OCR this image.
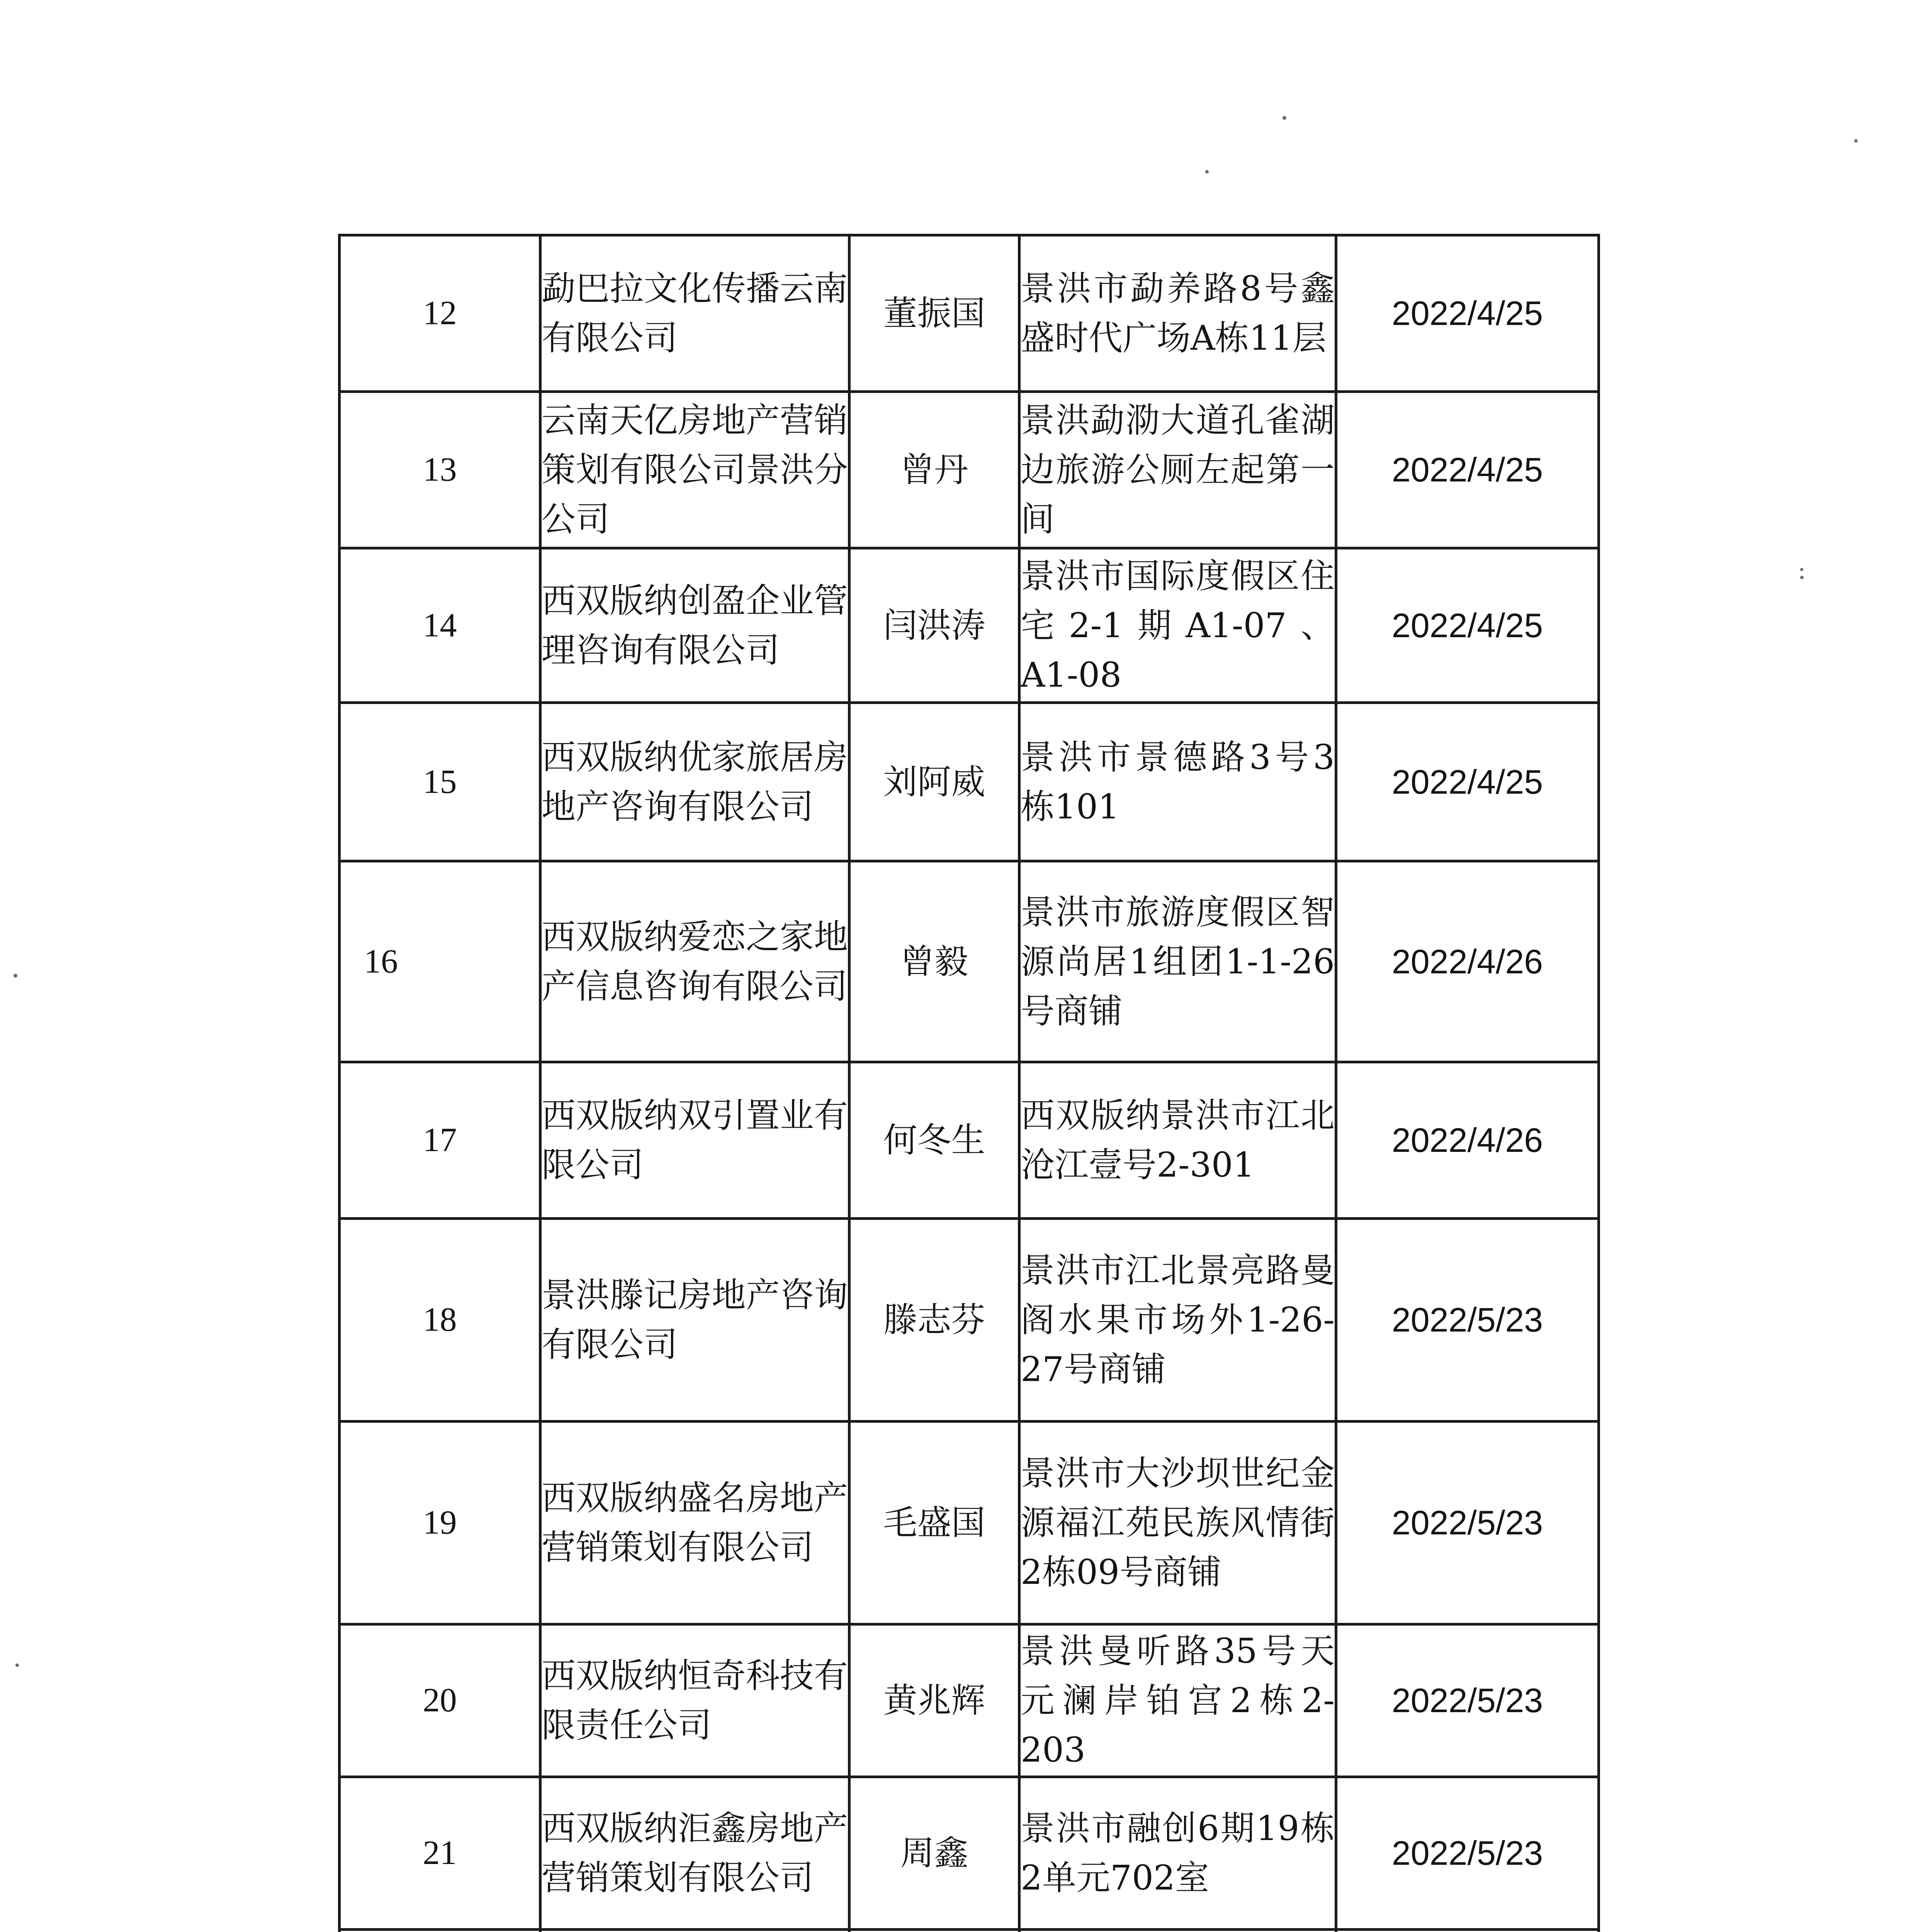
12	勐巴拉文化传播云南有限公司	董振国	景洪市勐养路8号鑫盛时代广场A栋11层	2022/4/25
13	云南天亿房地产营销策划有限公司景洪分公司	曾丹	景洪勐泐大道孔雀湖边旅游公厕左起第一间	2022/4/25
14	西双版纳创盈企业管理咨询有限公司	闫洪涛	景洪市国际度假区住宅2-1期A1-07、A1-08	2022/4/25
15	西双版纳优家旅居房地产咨询有限公司	刘阿威	景洪市景德路3号3栋101	2022/4/25
16	西双版纳爱恋之家地产信息咨询有限公司	曾毅	景洪市旅游度假区智源尚居1组团1-1-26号商铺	2022/4/26
17	西双版纳双引置业有限公司	何冬生	西双版纳景洪市江北沧江壹号2-301	2022/4/26
18	景洪滕记房地产咨询有限公司	滕志芬	景洪市江北景亮路曼阁水果市场外1-26-27号商铺	2022/5/23
19	西双版纳盛名房地产营销策划有限公司	毛盛国	景洪市大沙坝世纪金源福江苑民族风情街2栋09号商铺	2022/5/23
20	西双版纳恒奇科技有限责任公司	黄兆辉	景洪曼听路35号天元澜岸铂宫2栋2-203	2022/5/23
21	西双版纳洰鑫房地产营销策划有限公司	周鑫	景洪市融创6期19栋2单元702室	2022/5/23
